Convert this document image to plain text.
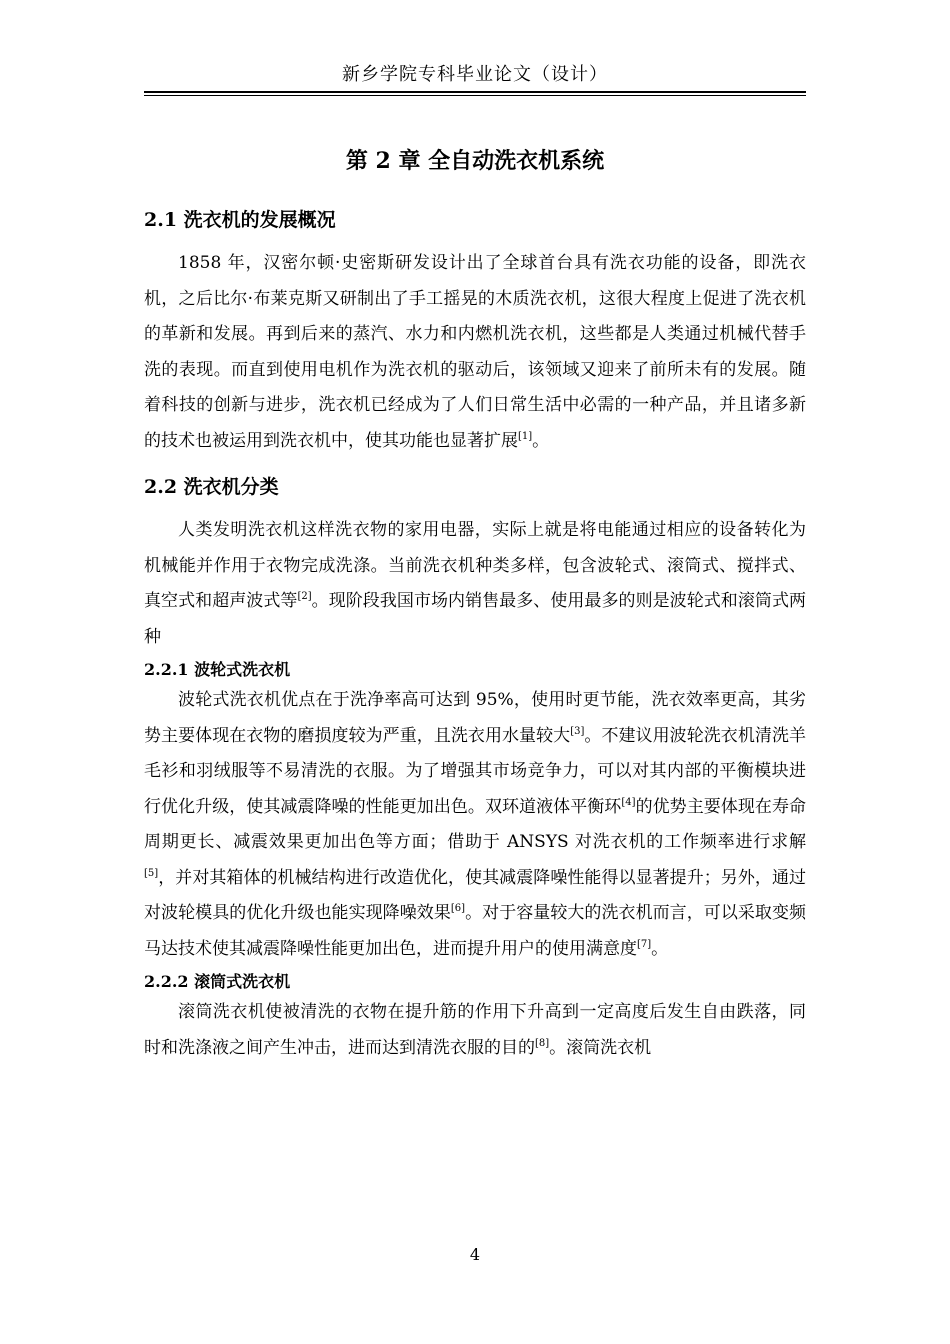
新乡学院专科毕业论文（设计）
第 2 章 全自动洗衣机系统
2.1 洗衣机的发展概况

1858 年，汉密尔顿·史密斯研发设计出了全球首台具有洗衣功能的设备，即洗衣机，之后比尔·布莱克斯又研制出了手工摇晃的木质洗衣机，这很大程度上促进了洗衣机的革新和发展。再到后来的蒸汽、水力和内燃机洗衣机，这些都是人类通过机械代替手洗的表现。而直到使用电机作为洗衣机的驱动后，该领域又迎来了前所未有的发展。随着科技的创新与进步，洗衣机已经成为了人们日常生活中必需的一种产品，并且诸多新的技术也被运用到洗衣机中，使其功能也显著扩展[1]。

2.2 洗衣机分类

人类发明洗衣机这样洗衣物的家用电器，实际上就是将电能通过相应的设备转化为机械能并作用于衣物完成洗涤。当前洗衣机种类多样，包含波轮式、滚筒式、搅拌式、真空式和超声波式等[2]。现阶段我国市场内销售最多、使用最多的则是波轮式和滚筒式两种

2.2.1 波轮式洗衣机

波轮式洗衣机优点在于洗净率高可达到 95%，使用时更节能，洗衣效率更高，其劣势主要体现在衣物的磨损度较为严重，且洗衣用水量较大[3]。不建议用波轮洗衣机清洗羊毛衫和羽绒服等不易清洗的衣服。为了增强其市场竞争力，可以对其内部的平衡模块进行优化升级，使其减震降噪的性能更加出色。双环道液体平衡环[4]的优势主要体现在寿命周期更长、减震效果更加出色等方面；借助于 ANSYS 对洗衣机的工作频率进行求解[5]，并对其箱体的机械结构进行改造优化，使其减震降噪性能得以显著提升；另外，通过对波轮模具的优化升级也能实现降噪效果[6]。对于容量较大的洗衣机而言，可以采取变频马达技术使其减震降噪性能更加出色，进而提升用户的使用满意度[7]。

2.2.2 滚筒式洗衣机

滚筒洗衣机使被清洗的衣物在提升筋的作用下升高到一定高度后发生自由跌落，同时和洗涤液之间产生冲击，进而达到清洗衣服的目的[8]。滚筒洗衣机

4
